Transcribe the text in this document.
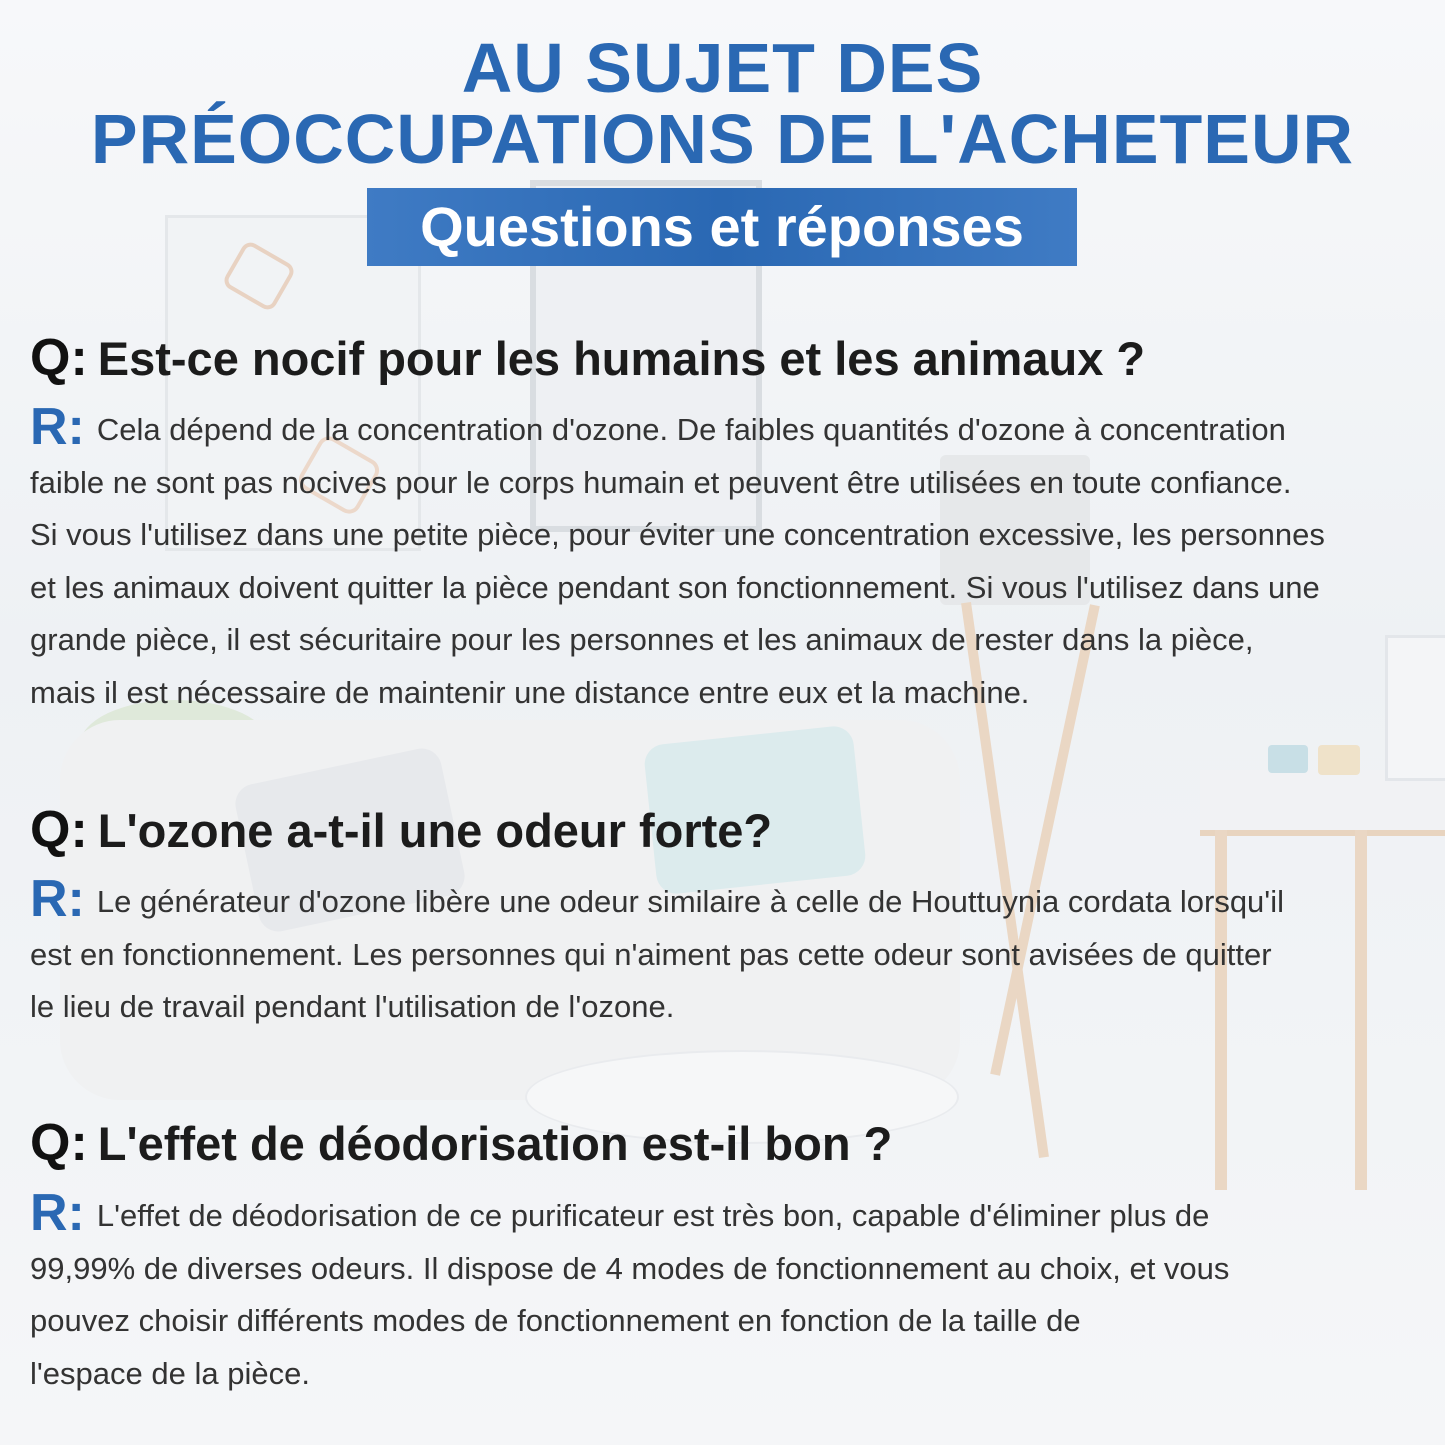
AU SUJET DES
PRÉOCCUPATIONS DE L'ACHETEUR
Questions et réponses

Q: Est-ce nocif pour les humains et les animaux ?

R: Cela dépend de la concentration d'ozone. De faibles quantités d'ozone à concentration
faible ne sont pas nocives pour le corps humain et peuvent être utilisées en toute confiance.
Si vous l'utilisez dans une petite pièce, pour éviter une concentration excessive, les personnes
et les animaux doivent quitter la pièce pendant son fonctionnement. Si vous l'utilisez dans une
grande pièce, il est sécuritaire pour les personnes et les animaux de rester dans la pièce,
mais il est nécessaire de maintenir une distance entre eux et la machine.

Q: L'ozone a-t-il une odeur forte?

R: Le générateur d'ozone libère une odeur similaire à celle de Houttuynia cordata lorsqu'il
est en fonctionnement. Les personnes qui n'aiment pas cette odeur sont avisées de quitter
le lieu de travail pendant l'utilisation de l'ozone.

Q: L'effet de déodorisation est-il bon ?

R: L'effet de déodorisation de ce purificateur est très bon, capable d'éliminer plus de
99,99% de diverses odeurs. Il dispose de 4 modes de fonctionnement au choix, et vous
pouvez choisir différents modes de fonctionnement en fonction de la taille de
l'espace de la pièce.
